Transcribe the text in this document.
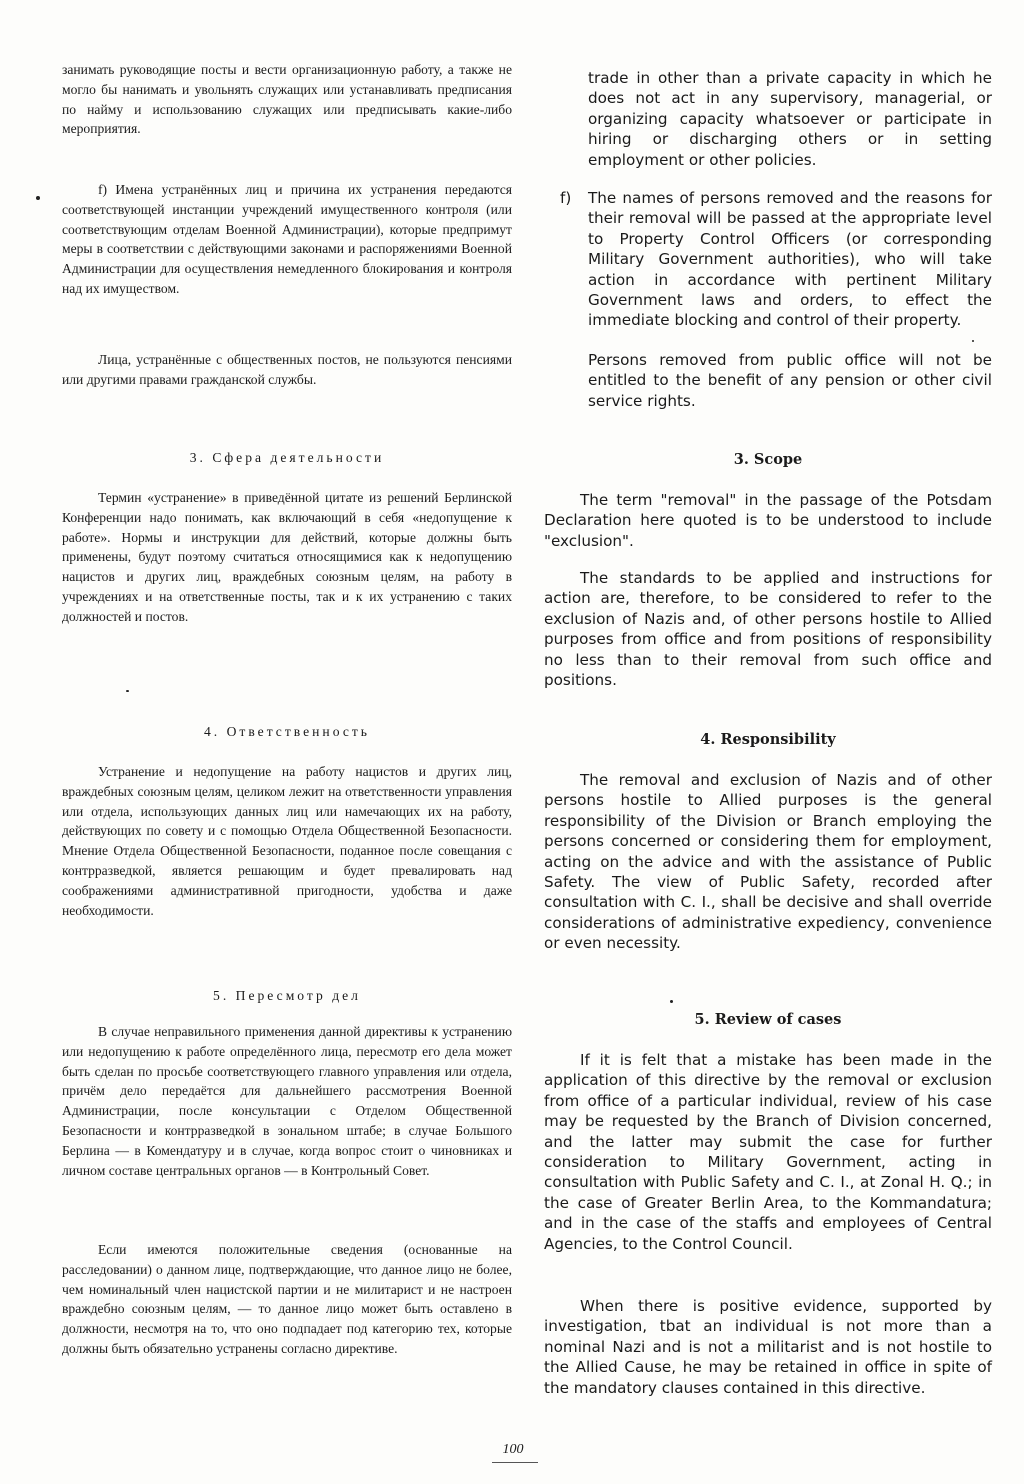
занимать руководящие посты и вести организационную работу, а также не могло бы нанимать и увольнять служащих или устанавливать предписания по найму и использованию служащих или предписывать какие-либо мероприятия.

f) Имена устранённых лиц и причина их устранения передаются соответствующей инстанции учреждений имущественного контроля (или соответствующим отделам Военной Администрации), которые предпримут меры в соответствии с действующими законами и распоряжениями Военной Администрации для осуществления немедленного блокирования и контроля над их имуществом.

Лица, устранённые с общественных постов, не пользуются пенсиями или другими правами гражданской службы.

3. Сфера деятельности

Термин «устранение» в приведённой цитате из решений Берлинской Конференции надо понимать, как включающий в себя «недопущение к работе». Нормы и инструкции для действий, которые должны быть применены, будут поэтому считаться относящимися как к недопущению нацистов и других лиц, враждебных союзным целям, на работу в учреждениях и на ответственные посты, так и к их устранению с таких должностей и постов.

4. Ответственность

Устранение и недопущение на работу нацистов и других лиц, враждебных союзным целям, целиком лежит на ответственности управления или отдела, использующих данных лиц или намечающих их на работу, действующих по совету и с помощью Отдела Общественной Безопасности. Мнение Отдела Общественной Безопасности, поданное после совещания с контрразведкой, является решающим и будет превалировать над соображениями административной пригодности, удобства и даже необходимости.

5. Пересмотр дел

В случае неправильного применения данной директивы к устранению или недопущению к работе определённого лица, пересмотр его дела может быть сделан по просьбе соответствующего главного управления или отдела, причём дело передаётся для дальнейшего рассмотрения Военной Администрации, после консультации с Отделом Общественной Безопасности и контрразведкой в зональном штабе; в случае Большого Берлина — в Комендатуру и в случае, когда вопрос стоит о чиновниках и личном составе центральных органов — в Контрольный Совет.

Если имеются положительные сведения (основанные на расследовании) о данном лице, подтверждающие, что данное лицо не более, чем номинальный член нацистской партии и не милитарист и не настроен враждебно союзным целям, — то данное лицо может быть оставлено в должности, несмотря на то, что оно подпадает под категорию тех, которые должны быть обязательно устранены согласно директиве.

trade in other than a private capacity in which he does not act in any supervisory, managerial, or organizing capacity whatsoever or participate in hiring or discharging others or in setting employment or other policies.

f) The names of persons removed and the reasons for their removal will be passed at the appropriate level to Property Control Officers (or corresponding Military Government authorities), who will take action in accordance with pertinent Military Government laws and orders, to effect the immediate blocking and control of their property.

Persons removed from public office will not be entitled to the benefit of any pension or other civil service rights.

3. Scope

The term "removal" in the passage of the Potsdam Declaration here quoted is to be understood to include "exclusion".

The standards to be applied and instructions for action are, therefore, to be considered to refer to the exclusion of Nazis and, of other persons hostile to Allied purposes from office and from positions of responsibility no less than to their removal from such office and positions.

4. Responsibility

The removal and exclusion of Nazis and of other persons hostile to Allied purposes is the general responsibility of the Division or Branch employing the persons concerned or considering them for employment, acting on the advice and with the assistance of Public Safety. The view of Public Safety, recorded after consultation with C. I., shall be decisive and shall override considerations of administrative expediency, convenience or even necessity.

5. Review of cases

If it is felt that a mistake has been made in the application of this directive by the removal or exclusion from office of a particular individual, review of his case may be requested by the Branch of Division concerned, and the latter may submit the case for further consideration to Military Government, acting in consultation with Public Safety and C. I., at Zonal H. Q.; in the case of Greater Berlin Area, to the Kommandatura; and in the case of the staffs and employees of Central Agencies, to the Control Council.

When there is positive evidence, supported by investigation, tbat an individual is not more than a nominal Nazi and is not a militarist and is not hostile to the Allied Cause, he may be retained in office in spite of the mandatory clauses contained in this directive.

100
